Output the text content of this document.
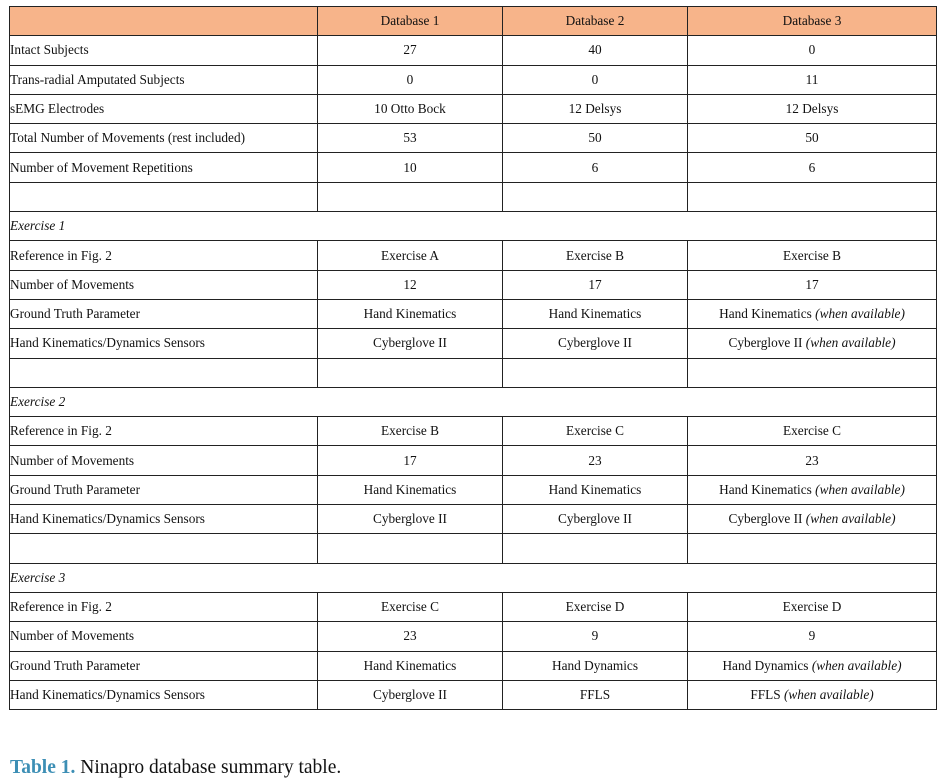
	Database 1	Database 2	Database 3
Intact Subjects	27	40	0
Trans-radial Amputated Subjects	0	0	11
sEMG Electrodes	10 Otto Bock	12 Delsys	12 Delsys
Total Number of Movements (rest included)	53	50	50
Number of Movement Repetitions	10	6	6

Exercise 1			
Reference in Fig. 2	Exercise A	Exercise B	Exercise B
Number of Movements	12	17	17
Ground Truth Parameter	Hand Kinematics	Hand Kinematics	Hand Kinematics (when available)
Hand Kinematics/Dynamics Sensors	Cyberglove II	Cyberglove II	Cyberglove II (when available)

Exercise 2			
Reference in Fig. 2	Exercise B	Exercise C	Exercise C
Number of Movements	17	23	23
Ground Truth Parameter	Hand Kinematics	Hand Kinematics	Hand Kinematics (when available)
Hand Kinematics/Dynamics Sensors	Cyberglove II	Cyberglove II	Cyberglove II (when available)

Exercise 3			
Reference in Fig. 2	Exercise C	Exercise D	Exercise D
Number of Movements	23	9	9
Ground Truth Parameter	Hand Kinematics	Hand Dynamics	Hand Dynamics (when available)
Hand Kinematics/Dynamics Sensors	Cyberglove II	FFLS	FFLS (when available)
Table 1. Ninapro database summary table.
